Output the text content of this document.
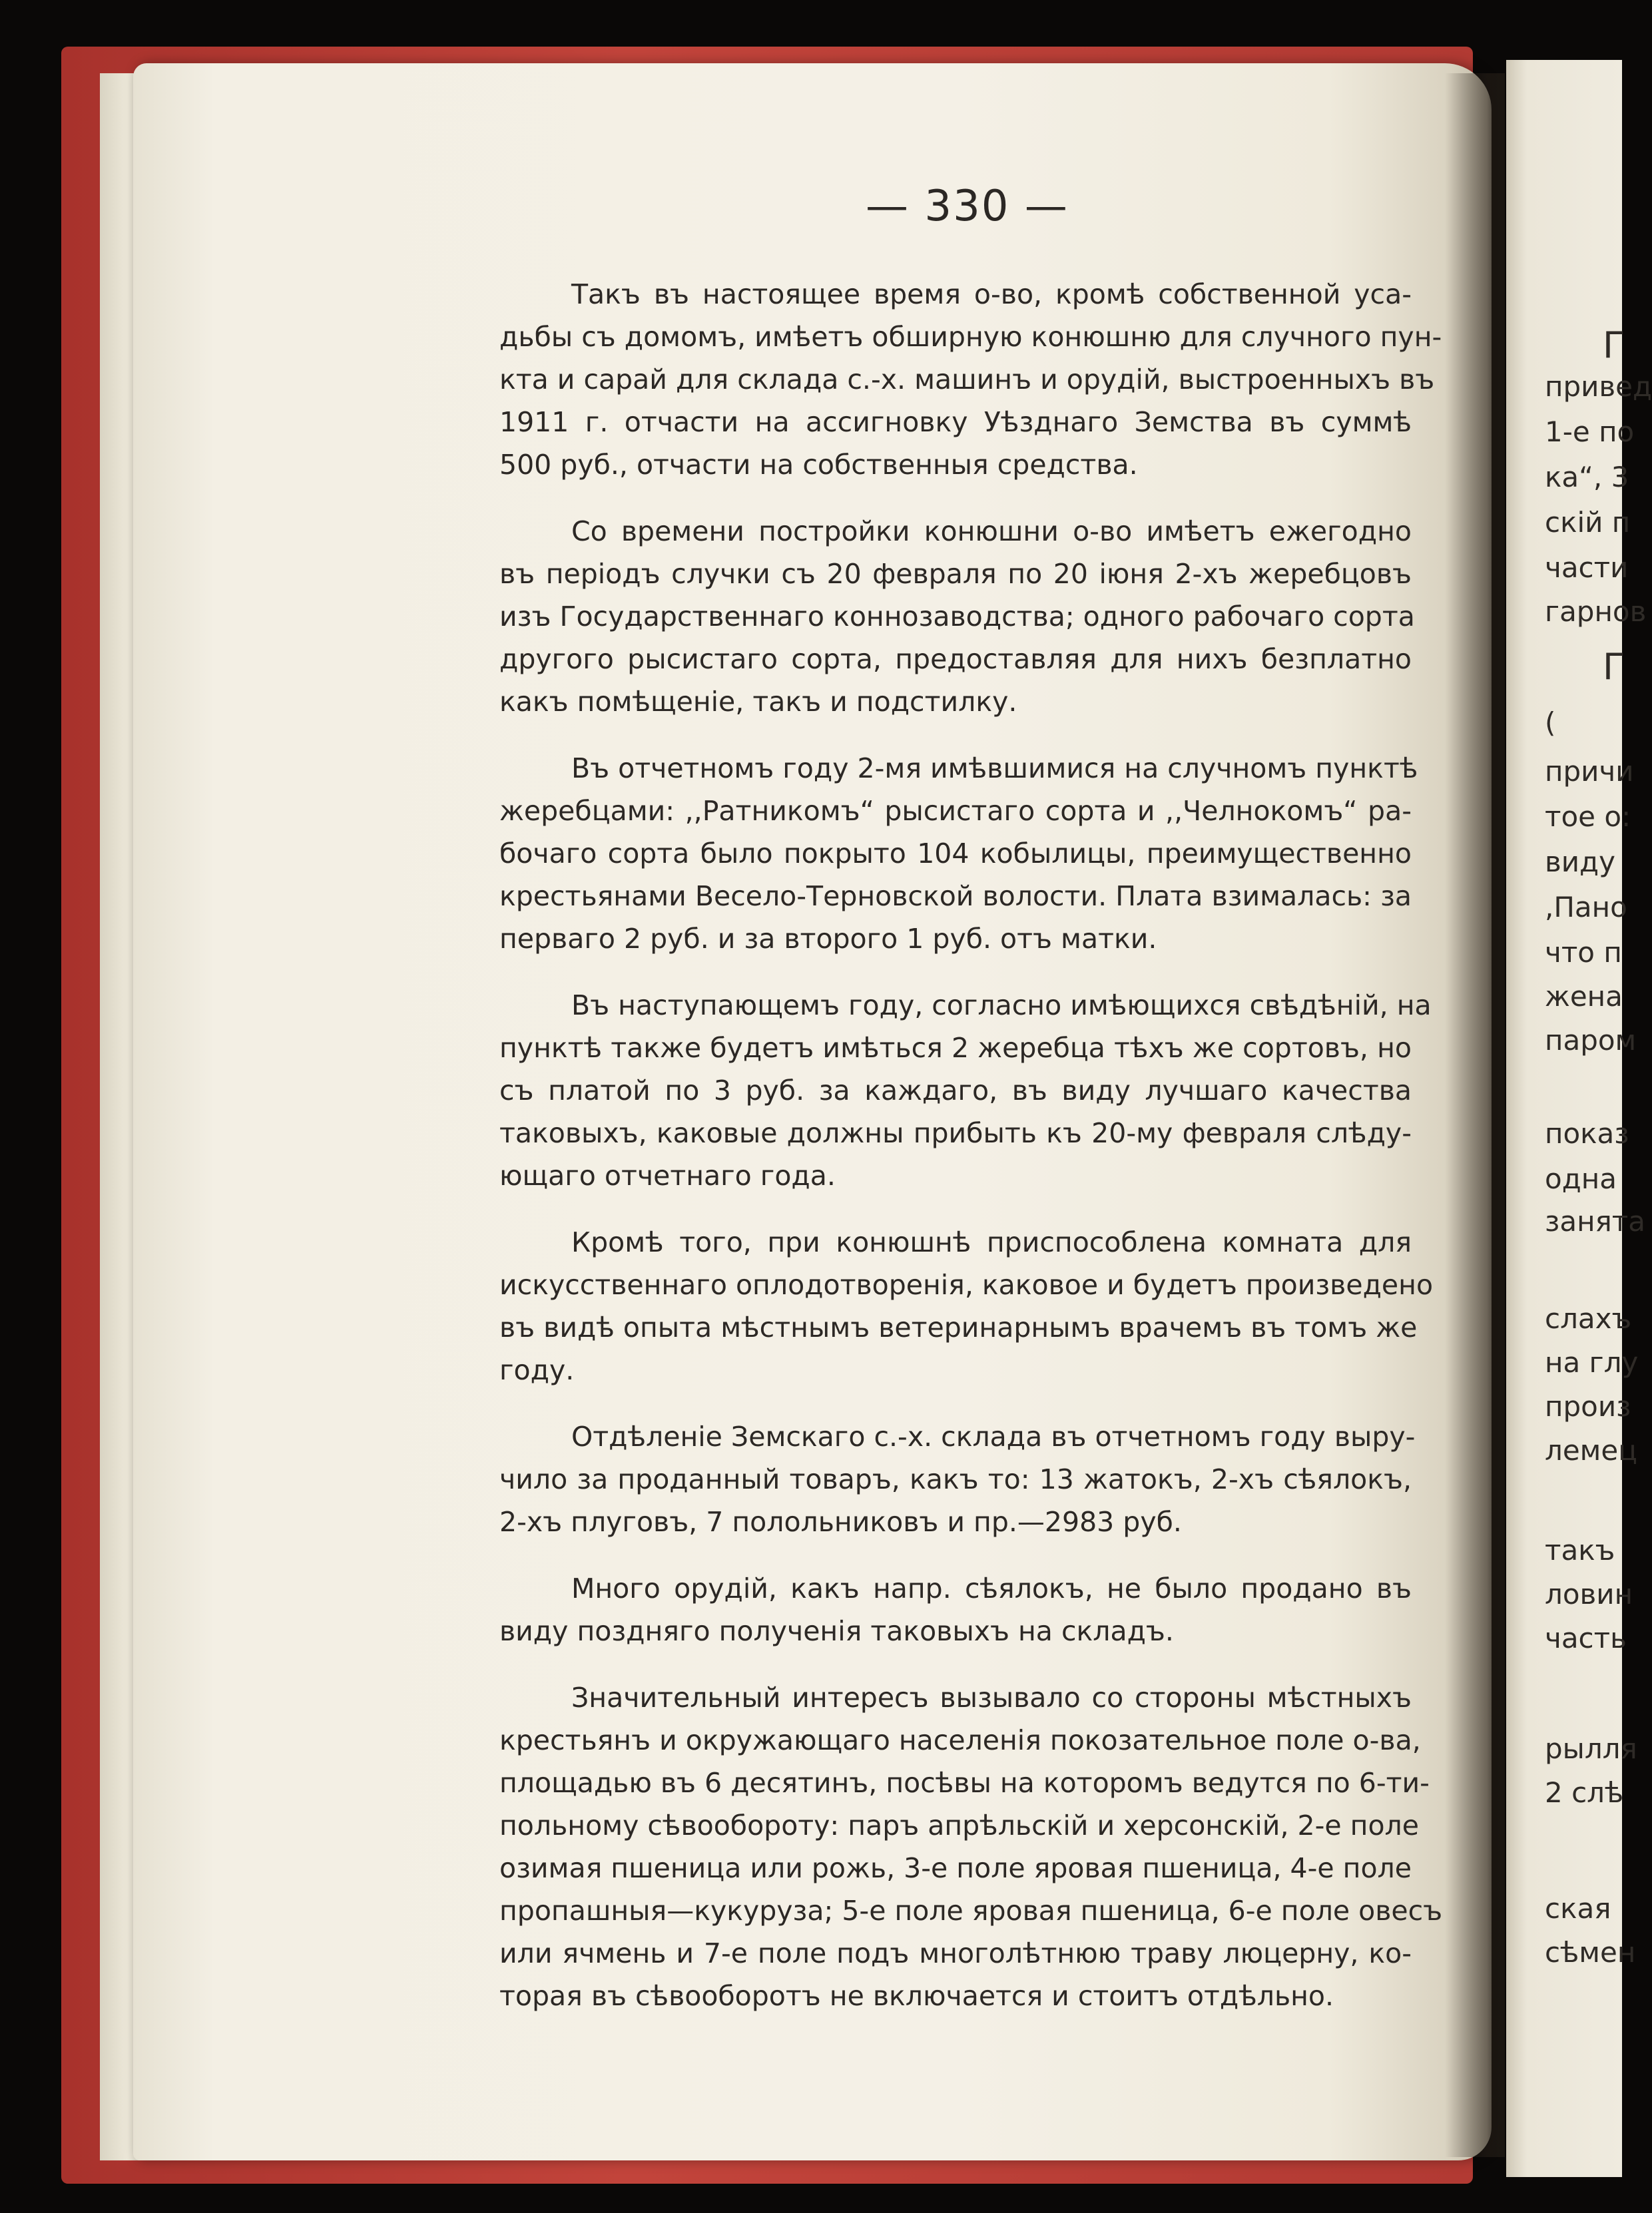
Г
привед
1-е по
ка“, 3
скій п
части
гарнов
Г
(
причи
тое о:
виду
,Пано
что п
жена
паром
показ
одна
занята
слахъ
на глу
произ
лемец
такъ
ловин
часть
рылля
2 слѣ
ская
сѣмен
— 330 —
Такъ въ настоящее время о-во, кромѣ собственной уса-
дьбы съ домомъ, имѣетъ обширную конюшню для случного пун-
кта и сарай для склада с.-х. машинъ и орудій, выстроенныхъ въ
1911 г. отчасти на ассигновку Уѣзднаго Земства въ суммѣ
500 руб., отчасти на собственныя средства.
Со времени постройки конюшни о-во имѣетъ ежегодно
въ періодъ случки съ 20 февраля по 20 іюня 2-хъ жеребцовъ
изъ Государственнаго коннозаводства; одного рабочаго сорта
другого рысистаго сорта, предоставляя для нихъ безплатно
какъ помѣщеніе, такъ и подстилку.
Въ отчетномъ году 2-мя имѣвшимися на случномъ пунктѣ
жеребцами: ,,Ратникомъ“ рысистаго сорта и ,,Челнокомъ“ ра-
бочаго сорта было покрыто 104 кобылицы, преимущественно
крестьянами Весело-Терновской волости. Плата взималась: за
перваго 2 руб. и за второго 1 руб. отъ матки.
Въ наступающемъ году, согласно имѣющихся свѣдѣній, на
пунктѣ также будетъ имѣться 2 жеребца тѣхъ же сортовъ, но
съ платой по 3 руб. за каждаго, въ виду лучшаго качества
таковыхъ, каковые должны прибыть къ 20-му февраля слѣду-
ющаго отчетнаго года.
Кромѣ того, при конюшнѣ приспособлена комната для
искусственнаго оплодотворенія, каковое и будетъ произведено
въ видѣ опыта мѣстнымъ ветеринарнымъ врачемъ въ томъ же
году.
Отдѣленіе Земскаго с.-х. склада въ отчетномъ году выру-
чило за проданный товаръ, какъ то: 13 жатокъ, 2-хъ сѣялокъ,
2-хъ плуговъ, 7 полольниковъ и пр.—2983 руб.
Много орудій, какъ напр. сѣялокъ, не было продано въ
виду поздняго полученія таковыхъ на складъ.
Значительный интересъ вызывало со стороны мѣстныхъ
крестьянъ и окружающаго населенія покозательное поле о-ва,
площадью въ 6 десятинъ, посѣвы на которомъ ведутся по 6-ти-
польному сѣвообороту: паръ апрѣльскій и херсонскій, 2-е поле
озимая пшеница или рожь, 3-е поле яровая пшеница, 4-е поле
пропашныя—кукуруза; 5-е поле яровая пшеница, 6-е поле овесъ
или ячмень и 7-е поле подъ многолѣтнюю траву люцерну, ко-
торая въ сѣвооборотъ не включается и стоитъ отдѣльно.
